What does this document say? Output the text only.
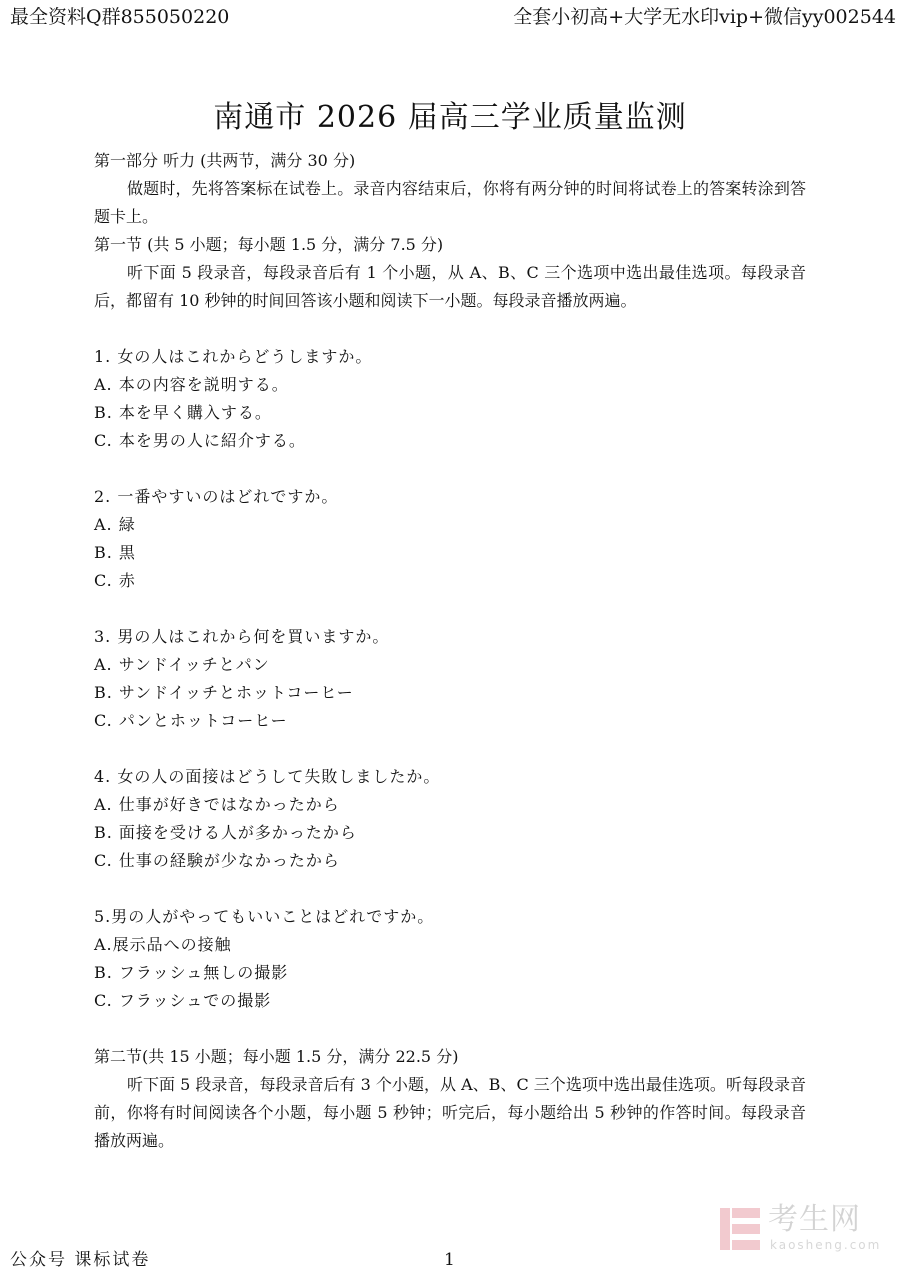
最全资料Q群855050220	全套小初高+大学无水印vip+微信yy002544
南通市 2026 届高三学业质量监测

第一部分 听力 (共两节，满分 30 分)

做题时，先将答案标在试卷上。录音内容结束后，你将有两分钟的时间将试卷上的答案转涂到答题卡上。

第一节 (共 5 小题；每小题 1.5 分，满分 7.5 分)

听下面 5 段录音，每段录音后有 1 个小题，从 A、B、C 三个选项中选出最佳选项。每段录音后，都留有 10 秒钟的时间回答该小题和阅读下一小题。每段录音播放两遍。

1. 女の人はこれからどうしますか。

A. 本の内容を説明する。

B. 本を早く購入する。

C. 本を男の人に紹介する。

2. 一番やすいのはどれですか。

A. 緑

B. 黒

C. 赤

3. 男の人はこれから何を買いますか。

A. サンドイッチとパン

B. サンドイッチとホットコーヒー

C. パンとホットコーヒー

4. 女の人の面接はどうして失敗しましたか。

A. 仕事が好きではなかったから

B. 面接を受ける人が多かったから

C. 仕事の経験が少なかったから

5.男の人がやってもいいことはどれですか。

A.展示品への接触

B. フラッシュ無しの撮影

C. フラッシュでの撮影

第二节(共 15 小题；每小题 1.5 分，满分 22.5 分)

听下面 5 段录音，每段录音后有 3 个小题，从 A、B、C 三个选项中选出最佳选项。听每段录音前，你将有时间阅读各个小题，每小题 5 秒钟；听完后，每小题给出 5 秒钟的作答时间。每段录音播放两遍。

考生网
kaosheng.com
公众号 课标试卷	1
